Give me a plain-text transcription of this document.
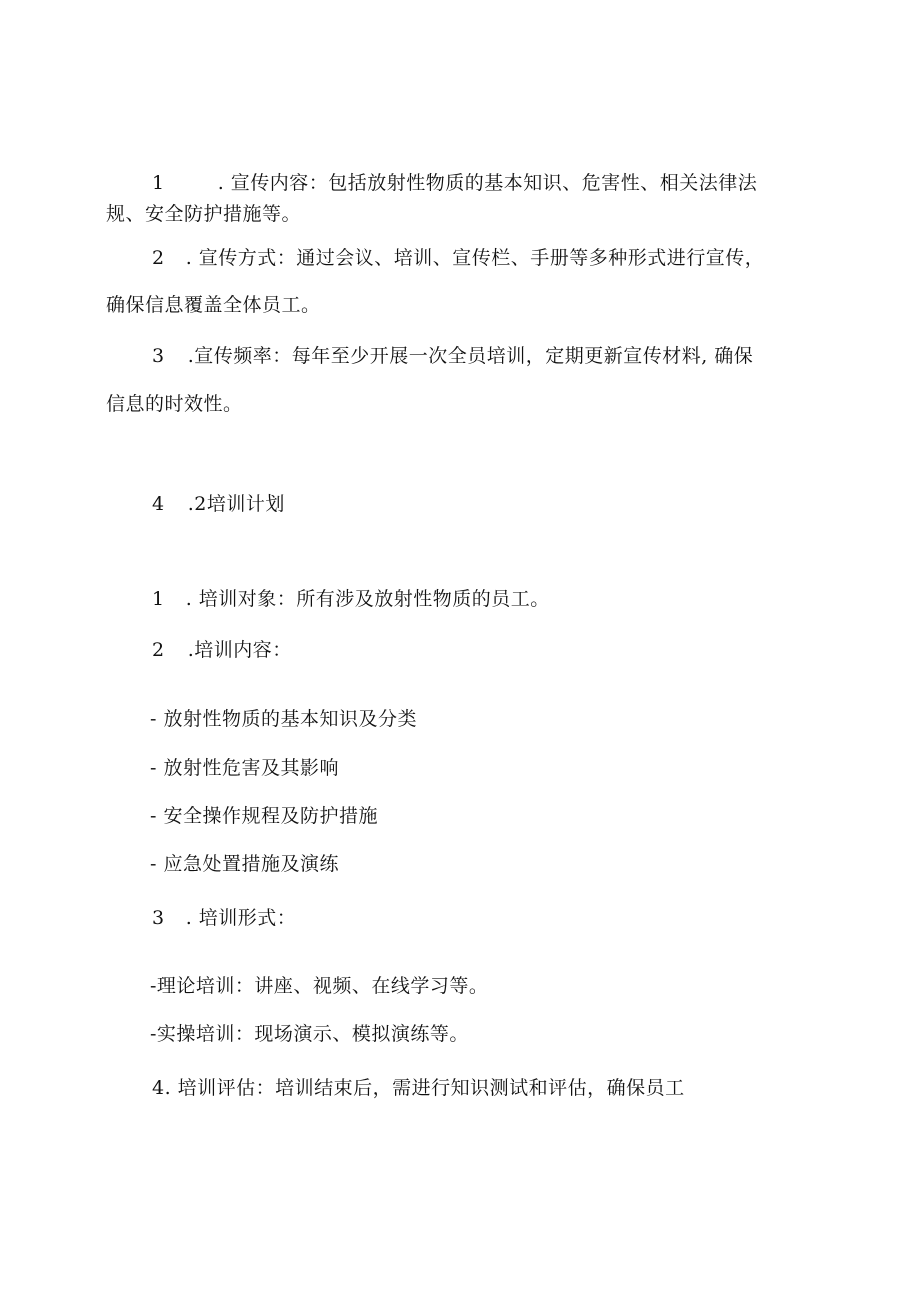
1	. 宣传内容：包括放射性物质的基本知识、危害性、相关法律法
规、安全防护措施等。
2 . 宣传方式：通过会议、培训、宣传栏、手册等多种形式进行宣传，
确保信息覆盖全体员工。
3 .宣传频率：每年至少开展一次全员培训，定期更新宣传材料, 确保
信息的时效性。
4 .2培训计划
1 . 培训对象：所有涉及放射性物质的员工。
2 .培训内容：
- 放射性物质的基本知识及分类
- 放射性危害及其影响
- 安全操作规程及防护措施
- 应急处置措施及演练
3 . 培训形式：
-理论培训：讲座、视频、在线学习等。
-实操培训：现场演示、模拟演练等。
4. 培训评估：培训结束后，需进行知识测试和评估，确保员工
